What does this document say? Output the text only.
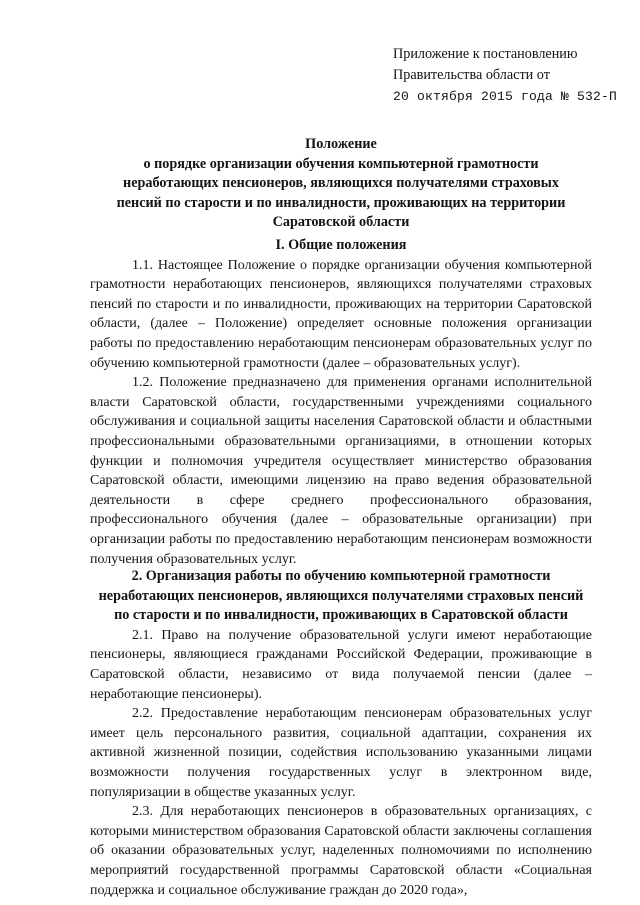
Приложение к постановлению
Правительства области от
20 октября 2015 года № 532-П
Положение
о порядке организации обучения компьютерной грамотности
неработающих пенсионеров, являющихся получателями страховых
пенсий по старости и по инвалидности, проживающих на территории
Саратовской области
I. Общие положения

1.1. Настоящее Положение о порядке организации обучения компьютерной грамотности неработающих пенсионеров, являющихся получателями страховых пенсий по старости и по инвалидности, проживающих на территории Саратовской области, (далее – Положение) определяет основные положения организации работы по предоставлению неработающим пенсионерам образовательных услуг по обучению компьютерной грамотности (далее – образовательных услуг).

1.2. Положение предназначено для применения органами исполнительной власти Саратовской области, государственными учреждениями социального обслуживания и социальной защиты населения Саратовской области и областными профессиональными образовательными организациями, в отношении которых функции и полномочия учредителя осуществляет министерство образования Саратовской области, имеющими лицензию на право ведения образовательной деятельности в сфере среднего профессионального образования, профессионального обучения (далее – образовательные организации) при организации работы по предоставлению неработающим пенсионерам возможности получения образовательных услуг.

2. Организация работы по обучению компьютерной грамотности
неработающих пенсионеров, являющихся получателями страховых пенсий
по старости и по инвалидности, проживающих в Саратовской области

2.1. Право на получение образовательной услуги имеют неработающие пенсионеры, являющиеся гражданами Российской Федерации, проживающие в Саратовской области, независимо от вида получаемой пенсии (далее – неработающие пенсионеры).

2.2. Предоставление неработающим пенсионерам образовательных услуг имеет цель персонального развития, социальной адаптации, сохранения их активной жизненной позиции, содействия использованию указанными лицами возможности получения государственных услуг в электронном виде, популяризации в обществе указанных услуг.

2.3. Для неработающих пенсионеров в образовательных организациях, с которыми министерством образования Саратовской области заключены соглашения об оказании образовательных услуг, наделенных полномочиями по исполнению мероприятий государственной программы Саратовской области «Социальная поддержка и социальное обслуживание граждан до 2020 года»,
